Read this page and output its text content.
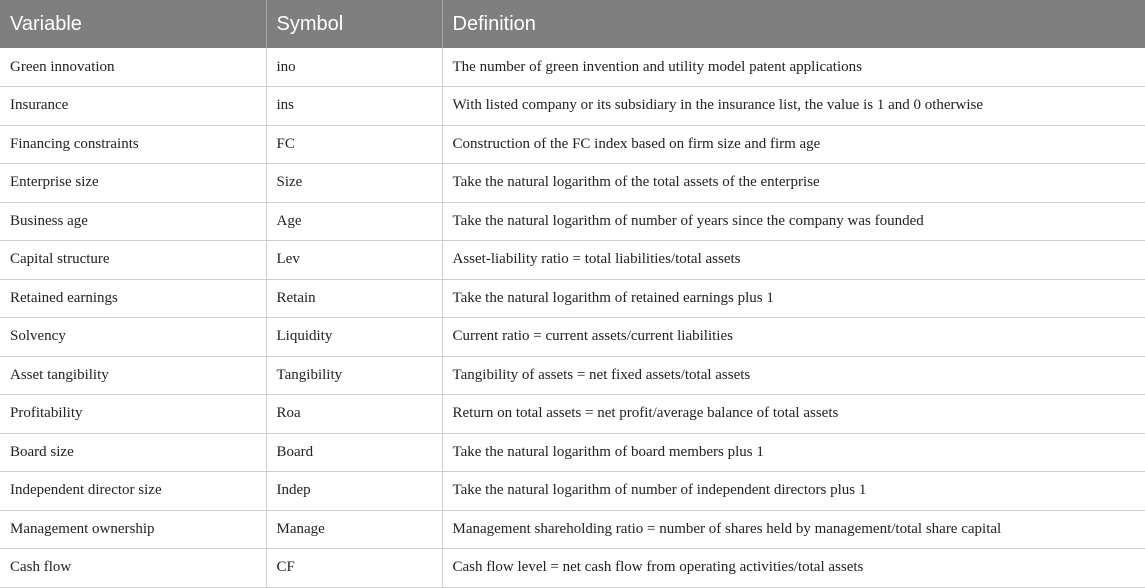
Variable	Symbol	Definition
Green innovation	ino	The number of green invention and utility model patent applications
Insurance	ins	With listed company or its subsidiary in the insurance list, the value is 1 and 0 otherwise
Financing constraints	FC	Construction of the FC index based on firm size and firm age
Enterprise size	Size	Take the natural logarithm of the total assets of the enterprise
Business age	Age	Take the natural logarithm of number of years since the company was founded
Capital structure	Lev	Asset-liability ratio = total liabilities/total assets
Retained earnings	Retain	Take the natural logarithm of retained earnings plus 1
Solvency	Liquidity	Current ratio = current assets/current liabilities
Asset tangibility	Tangibility	Tangibility of assets = net fixed assets/total assets
Profitability	Roa	Return on total assets = net profit/average balance of total assets
Board size	Board	Take the natural logarithm of board members plus 1
Independent director size	Indep	Take the natural logarithm of number of independent directors plus 1
Management ownership	Manage	Management shareholding ratio = number of shares held by management/total share capital
Cash flow	CF	Cash flow level = net cash flow from operating activities/total assets
